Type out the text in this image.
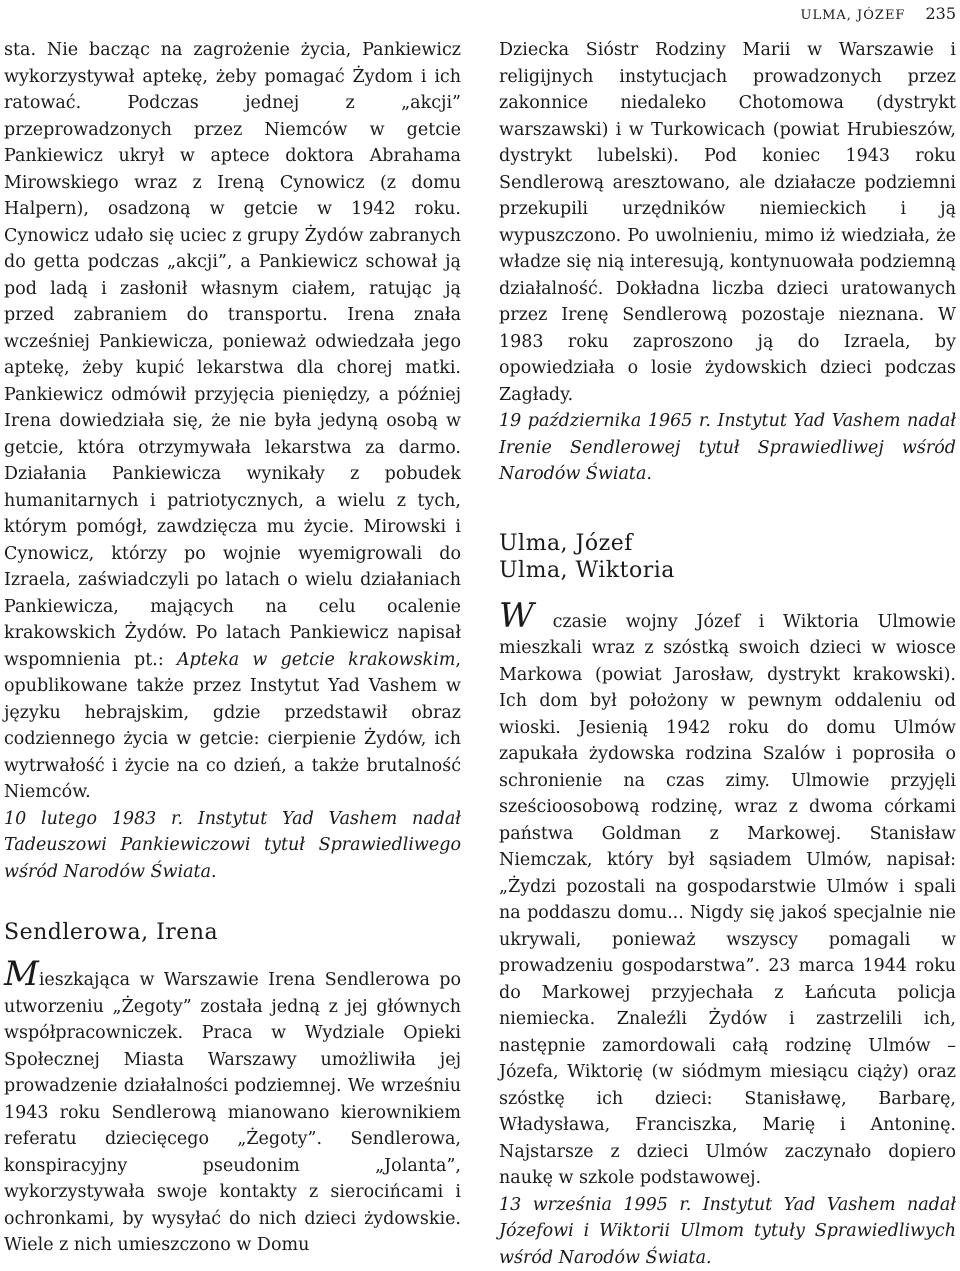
ULMA, JÓZEF 235

sta. Nie bacząc na zagrożenie życia, Pankiewicz wykorzystywał aptekę, żeby pomagać Żydom i ich ratować. Podczas jednej z „akcji” przeprowadzonych przez Niemców w getcie Pankiewicz ukrył w aptece doktora Abrahama Mirowskiego wraz z Ireną Cynowicz (z domu Halpern), osadzoną w getcie w 1942 roku. Cynowicz udało się uciec z grupy Żydów zabranych do getta podczas „akcji”, a Pankiewicz schował ją pod ladą i zasłonił własnym ciałem, ratując ją przed zabraniem do transportu. Irena znała wcześniej Pankiewicza, ponieważ odwiedzała jego aptekę, żeby kupić lekarstwa dla chorej matki. Pankiewicz odmówił przyjęcia pieniędzy, a później Irena dowiedziała się, że nie była jedyną osobą w getcie, która otrzymywała lekarstwa za darmo. Działania Pankiewicza wynikały z pobudek humanitarnych i patriotycznych, a wielu z tych, którym pomógł, zawdzięcza mu życie. Mirowski i Cynowicz, którzy po wojnie wyemigrowali do Izraela, zaświadczyli po latach o wielu działaniach Pankiewicza, mających na celu ocalenie krakowskich Żydów. Po latach Pankiewicz napisał wspomnienia pt.: Apteka w getcie krakowskim, opublikowane także przez Instytut Yad Vashem w języku hebrajskim, gdzie przedstawił obraz codziennego życia w getcie: cierpienie Żydów, ich wytrwałość i życie na co dzień, a także brutalność Niemców.

10 lutego 1983 r. Instytut Yad Vashem nadał Tadeuszowi Pankiewiczowi tytuł Sprawiedliwego wśród Narodów Świata.

Sendlerowa, Irena

Mieszkająca w Warszawie Irena Sendlerowa po utworzeniu „Żegoty” została jedną z jej głównych współpracowniczek. Praca w Wydziale Opieki Społecznej Miasta Warszawy umożliwiła jej prowadzenie działalności podziemnej. We wrześniu 1943 roku Sendlerową mianowano kierownikiem referatu dziecięcego „Żegoty”. Sendlerowa, konspiracyjny pseudonim „Jolanta”, wykorzystywała swoje kontakty z sierocińcami i ochronkami, by wysyłać do nich dzieci żydowskie. Wiele z nich umieszczono w Domu

Dziecka Sióstr Rodziny Marii w Warszawie i religijnych instytucjach prowadzonych przez zakonnice niedaleko Chotomowa (dystrykt warszawski) i w Turkowicach (powiat Hrubieszów, dystrykt lubelski). Pod koniec 1943 roku Sendlerową aresztowano, ale działacze podziemni przekupili urzędników niemieckich i ją wypuszczono. Po uwolnieniu, mimo iż wiedziała, że władze się nią interesują, kontynuowała podziemną działalność. Dokładna liczba dzieci uratowanych przez Irenę Sendlerową pozostaje nieznana. W 1983 roku zaproszono ją do Izraela, by opowiedziała o losie żydowskich dzieci podczas Zagłady.

19 października 1965 r. Instytut Yad Vashem nadał Irenie Sendlerowej tytuł Sprawiedliwej wśród Narodów Świata.

Ulma, Józef
Ulma, Wiktoria

W czasie wojny Józef i Wiktoria Ulmowie mieszkali wraz z szóstką swoich dzieci w wiosce Markowa (powiat Jarosław, dystrykt krakowski). Ich dom był położony w pewnym oddaleniu od wioski. Jesienią 1942 roku do domu Ulmów zapukała żydowska rodzina Szalów i poprosiła o schronienie na czas zimy. Ulmowie przyjęli sześcioosobową rodzinę, wraz z dwoma córkami państwa Goldman z Markowej. Stanisław Niemczak, który był sąsiadem Ulmów, napisał: „Żydzi pozostali na gospodarstwie Ulmów i spali na poddaszu domu... Nigdy się jakoś specjalnie nie ukrywali, ponieważ wszyscy pomagali w prowadzeniu gospodarstwa”. 23 marca 1944 roku do Markowej przyjechała z Łańcuta policja niemiecka. Znaleźli Żydów i zastrzelili ich, następnie zamordowali całą rodzinę Ulmów – Józefa, Wiktorię (w siódmym miesiącu ciąży) oraz szóstkę ich dzieci: Stanisławę, Barbarę, Władysława, Franciszka, Marię i Antoninę. Najstarsze z dzieci Ulmów zaczynało dopiero naukę w szkole podstawowej.

13 września 1995 r. Instytut Yad Vashem nadał Józefowi i Wiktorii Ulmom tytuły Sprawiedliwych wśród Narodów Świata.
